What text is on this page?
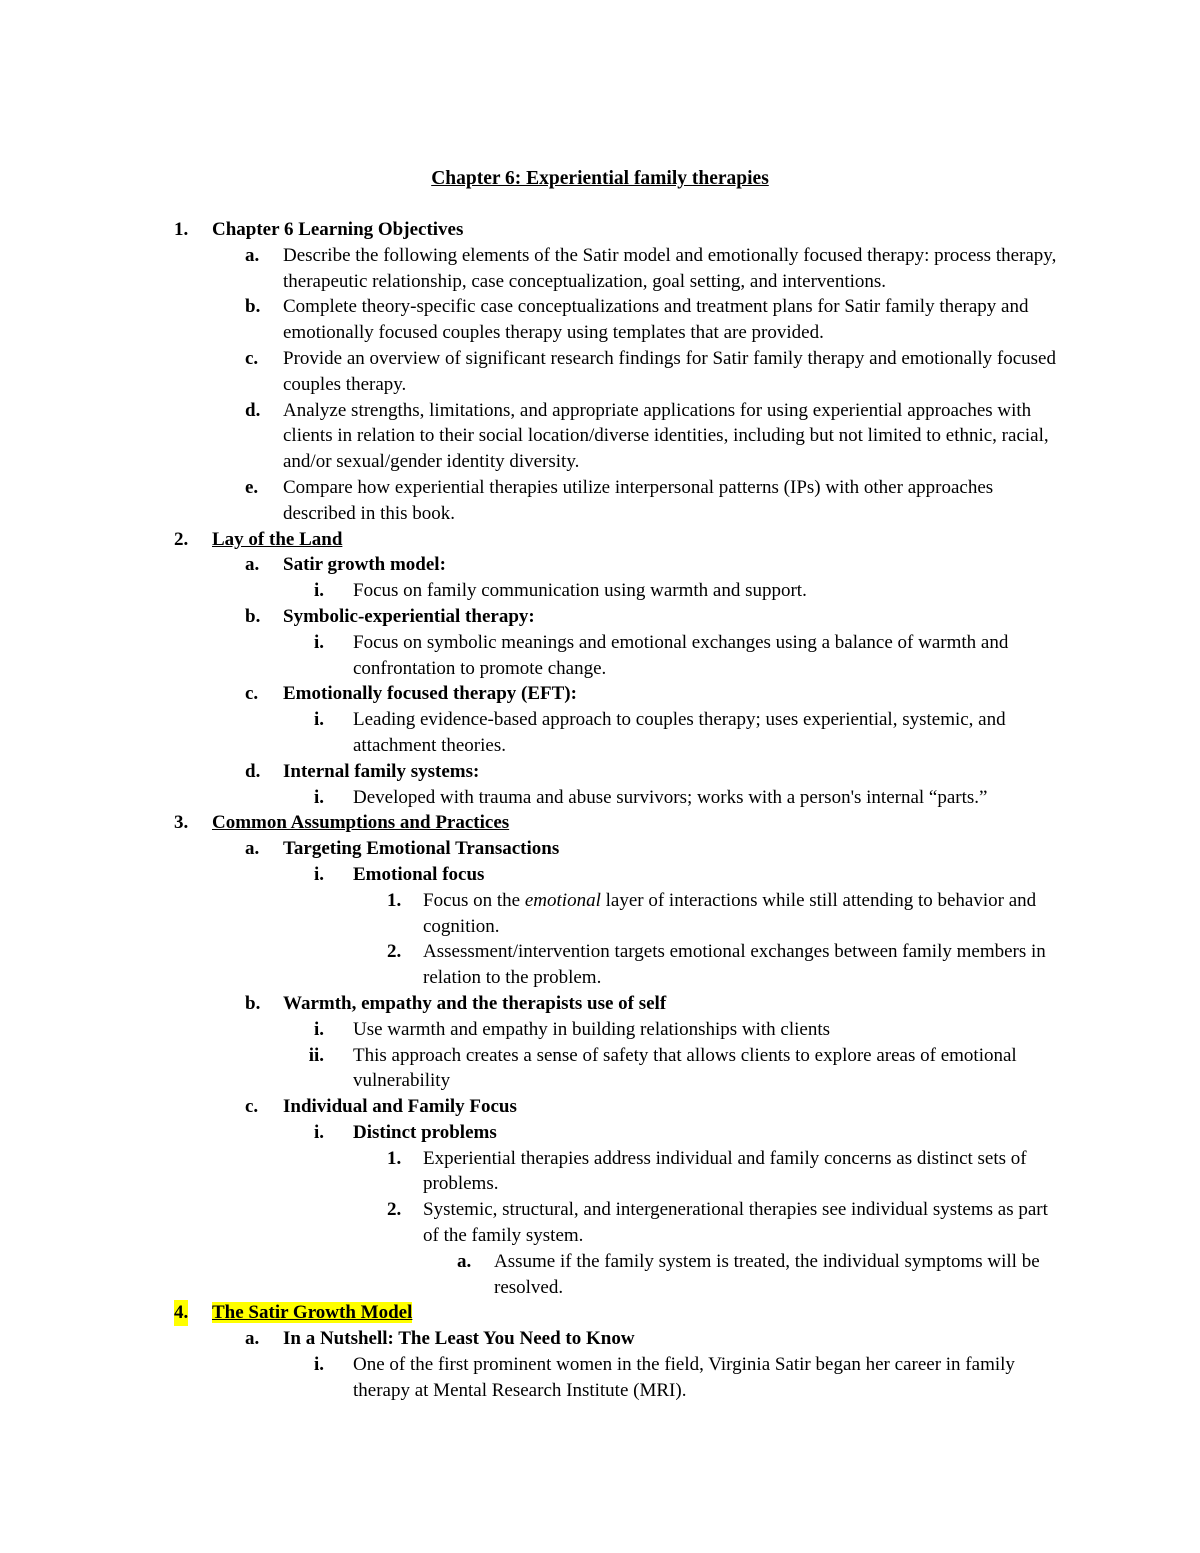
Chapter 6: Experiential family therapies
1. Chapter 6 Learning Objectives
a. Describe the following elements of the Satir model and emotionally focused therapy: process therapy, therapeutic relationship, case conceptualization, goal setting, and interventions.
b. Complete theory-specific case conceptualizations and treatment plans for Satir family therapy and emotionally focused couples therapy using templates that are provided.
c. Provide an overview of significant research findings for Satir family therapy and emotionally focused couples therapy.
d. Analyze strengths, limitations, and appropriate applications for using experiential approaches with clients in relation to their social location/diverse identities, including but not limited to ethnic, racial, and/or sexual/gender identity diversity.
e. Compare how experiential therapies utilize interpersonal patterns (IPs) with other approaches described in this book.
2. Lay of the Land
a. Satir growth model:
i. Focus on family communication using warmth and support.
b. Symbolic-experiential therapy:
i. Focus on symbolic meanings and emotional exchanges using a balance of warmth and confrontation to promote change.
c. Emotionally focused therapy (EFT):
i. Leading evidence-based approach to couples therapy; uses experiential, systemic, and attachment theories.
d. Internal family systems:
i. Developed with trauma and abuse survivors; works with a person's internal “parts.”
3. Common Assumptions and Practices
a. Targeting Emotional Transactions
i. Emotional focus
1. Focus on the emotional layer of interactions while still attending to behavior and cognition.
2. Assessment/intervention targets emotional exchanges between family members in relation to the problem.
b. Warmth, empathy and the therapists use of self
i. Use warmth and empathy in building relationships with clients
ii. This approach creates a sense of safety that allows clients to explore areas of emotional vulnerability
c. Individual and Family Focus
i. Distinct problems
1. Experiential therapies address individual and family concerns as distinct sets of problems.
2. Systemic, structural, and intergenerational therapies see individual systems as part of the family system.
a. Assume if the family system is treated, the individual symptoms will be resolved.
4. The Satir Growth Model
a. In a Nutshell: The Least You Need to Know
i. One of the first prominent women in the field, Virginia Satir began her career in family therapy at Mental Research Institute (MRI).
